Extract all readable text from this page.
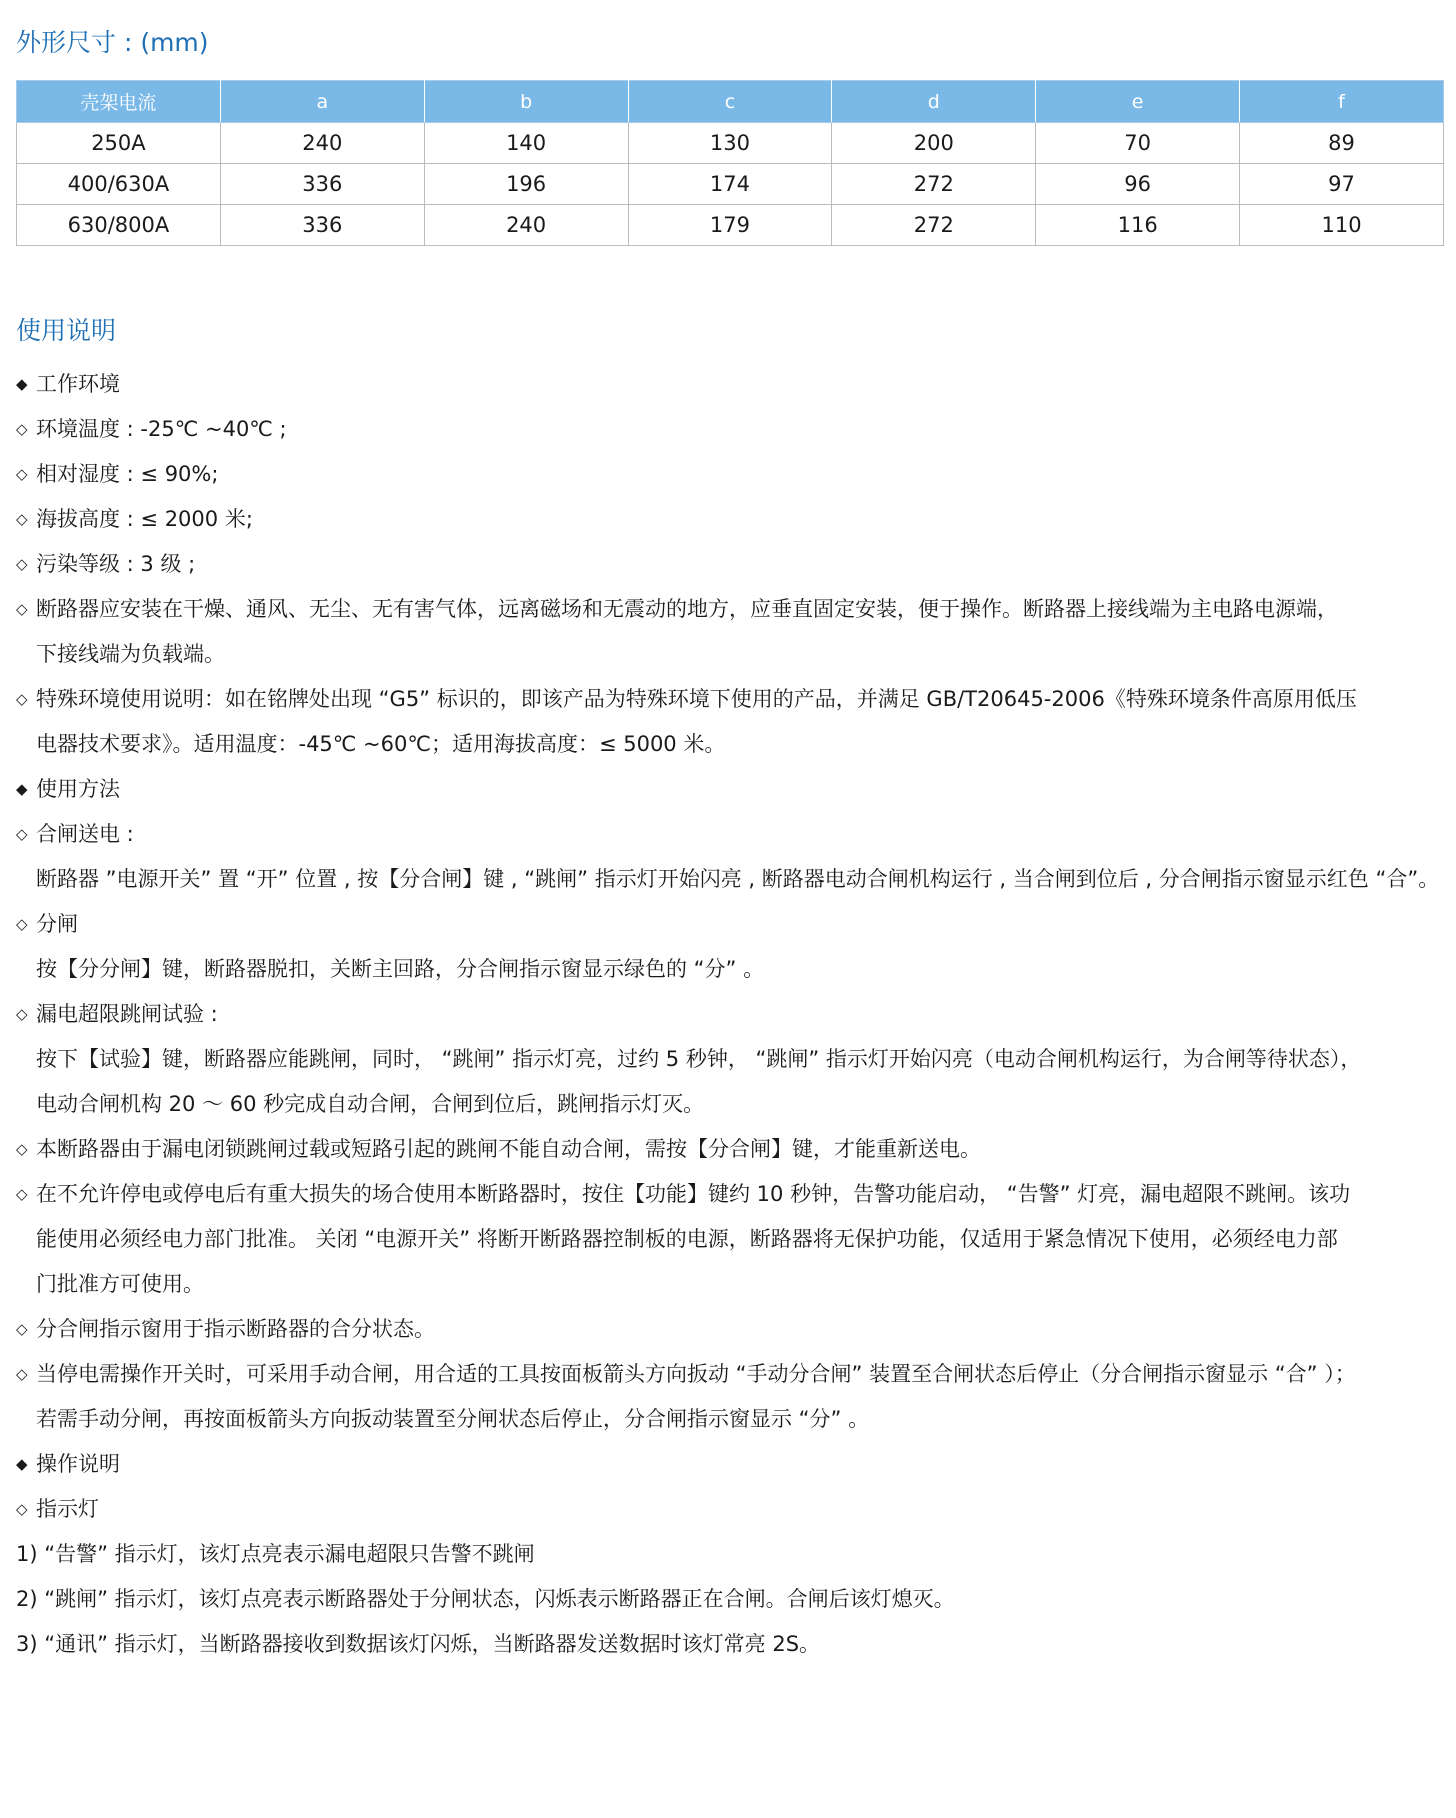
外形尺寸 : (mm)
壳架电流	a	b	c	d	e	f
250A	240	140	130	200	70	89
400/630A	336	196	174	272	96	97
630/800A	336	240	179	272	116	110
使用说明
◆ 工作环境
◇ 环境温度 : -25℃ ~40℃ ;
◇ 相对湿度 : ≤ 90%;
◇ 海拔高度 : ≤ 2000 米;
◇ 污染等级 : 3 级 ;
◇ 断路器应安装在干燥、通风、无尘、无有害气体，远离磁场和无震动的地方，应垂直固定安装，便于操作。断路器上接线端为主电路电源端，
下接线端为负载端。
◇ 特殊环境使用说明：如在铭牌处出现 “G5” 标识的，即该产品为特殊环境下使用的产品，并满足 GB/T20645-2006《特殊环境条件高原用低压
电器技术要求》。适用温度：-45℃ ~60℃；适用海拔高度：≤ 5000 米。
◆ 使用方法
◇ 合闸送电 :
断路器 ”电源开关” 置 “开” 位置 , 按【分合闸】键 , “跳闸” 指示灯开始闪亮 , 断路器电动合闸机构运行 , 当合闸到位后 , 分合闸指示窗显示红色 “合”。
◇ 分闸
按【分分闸】键，断路器脱扣，关断主回路，分合闸指示窗显示绿色的 “分” 。
◇ 漏电超限跳闸试验 :
按下【试验】键，断路器应能跳闸，同时， “跳闸” 指示灯亮，过约 5 秒钟， “跳闸” 指示灯开始闪亮（电动合闸机构运行，为合闸等待状态），
电动合闸机构 20 ～ 60 秒完成自动合闸，合闸到位后，跳闸指示灯灭。
◇ 本断路器由于漏电闭锁跳闸过载或短路引起的跳闸不能自动合闸，需按【分合闸】键，才能重新送电。
◇ 在不允许停电或停电后有重大损失的场合使用本断路器时，按住【功能】键约 10 秒钟，告警功能启动， “告警” 灯亮，漏电超限不跳闸。该功
能使用必须经电力部门批准。 关闭 “电源开关” 将断开断路器控制板的电源，断路器将无保护功能，仅适用于紧急情况下使用，必须经电力部
门批准方可使用。
◇ 分合闸指示窗用于指示断路器的合分状态。
◇ 当停电需操作开关时，可采用手动合闸，用合适的工具按面板箭头方向扳动 “手动分合闸” 装置至合闸状态后停止（分合闸指示窗显示 “合” ）；
若需手动分闸，再按面板箭头方向扳动装置至分闸状态后停止，分合闸指示窗显示 “分” 。
◆ 操作说明
◇ 指示灯
1) “告警” 指示灯，该灯点亮表示漏电超限只告警不跳闸
2) “跳闸” 指示灯，该灯点亮表示断路器处于分闸状态，闪烁表示断路器正在合闸。合闸后该灯熄灭。
3) “通讯” 指示灯，当断路器接收到数据该灯闪烁，当断路器发送数据时该灯常亮 2S。
